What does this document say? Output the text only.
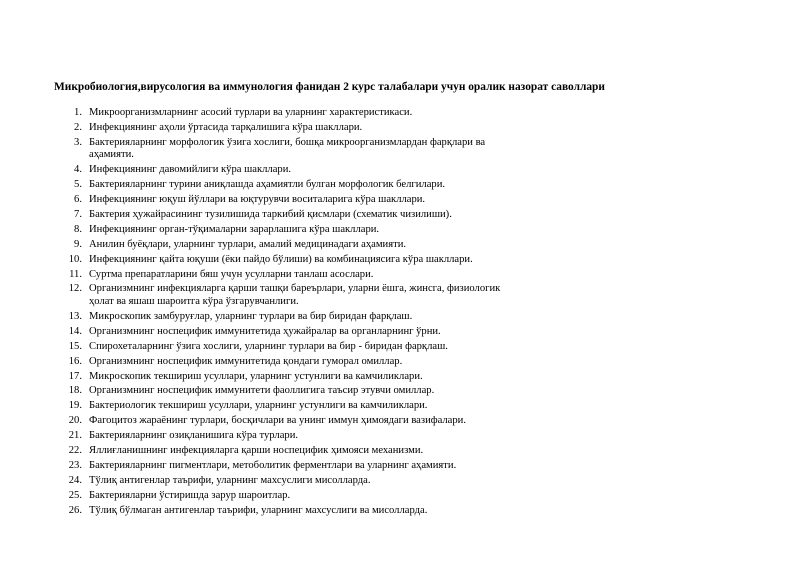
Микробиология,вирусология ва иммунология фанидан 2 курс талабалари учун оралик назорат саволлари
1. Микроорганизмларнинг асосий турлари ва уларнинг характеристикаси.
2. Инфекциянинг аҳоли ўртасида тарқалишига кўра шакллари.
3. Бактерияларнинг морфологик ўзига хослиги, бошқа микроорганизмлардан фарқлари ва аҳамияти.
4. Инфекциянинг давомийлиги кўра шакллари.
5. Бактерияларнинг турини аниқлашда аҳамиятли булган морфологик белгилари.
6. Инфекциянинг юқуш йўллари ва юқтурувчи воситаларига кўра шакллари.
7. Бактерия ҳужайрасининг тузилишида таркибий қисмлари (схематик чизилиши).
8. Инфекциянинг орган-тўқималарни зарарлашига кўра шакллари.
9. Анилин буёқлари, уларнинг турлари, амалий медицинадаги аҳамияти.
10. Инфекциянинг қайта юқуши (ёки пайдо бўлиши) ва комбинациясига кўра шакллари.
11. Суртма препаратларини бяш учун усулларни танлаш асослари.
12. Организмнинг инфекцияларга қарши ташқи бареърлари, уларни ёшга, жинсга, физиологик ҳолат ва яшаш шароитга кўра ўзгарувчанлиги.
13. Микроскопик замбуруғлар, уларнинг турлари ва бир биридан фарқлаш.
14. Организмнинг носпецифик иммунитетида ҳужайралар ва органларнинг ўрни.
15. Спирохеталарнинг ўзига хослиги, уларнинг турлари ва бир - биридан фарқлаш.
16. Организмнинг носпецифик иммунитетида қондаги гуморал омиллар.
17. Микроскопик текшириш усуллари, уларнинг устунлиги ва камчиликлари.
18. Организмнинг носпецифик иммунитети фаоллигига таъсир этувчи омиллар.
19. Бактериологик текшириш усуллари, уларнинг устунлиги ва камчиликлари.
20. Фагоцитоз жараёнинг турлари, босқичлари ва унинг иммун ҳимоядаги вазифалари.
21. Бактерияларнинг озиқланишига кўра турлари.
22. Яллиғланишнинг инфекцияларга қарши носпецифик ҳимояси механизми.
23. Бактерияларнинг пигментлари, метоболитик ферментлари ва уларнинг аҳамияти.
24. Тўлиқ антигенлар таърифи, уларнинг махсуслиги мисолларда.
25. Бактерияларни ўстиришда зарур шароитлар.
26. Тўлиқ бўлмаган антигенлар таърифи, уларнинг махсуслиги ва мисолларда.
